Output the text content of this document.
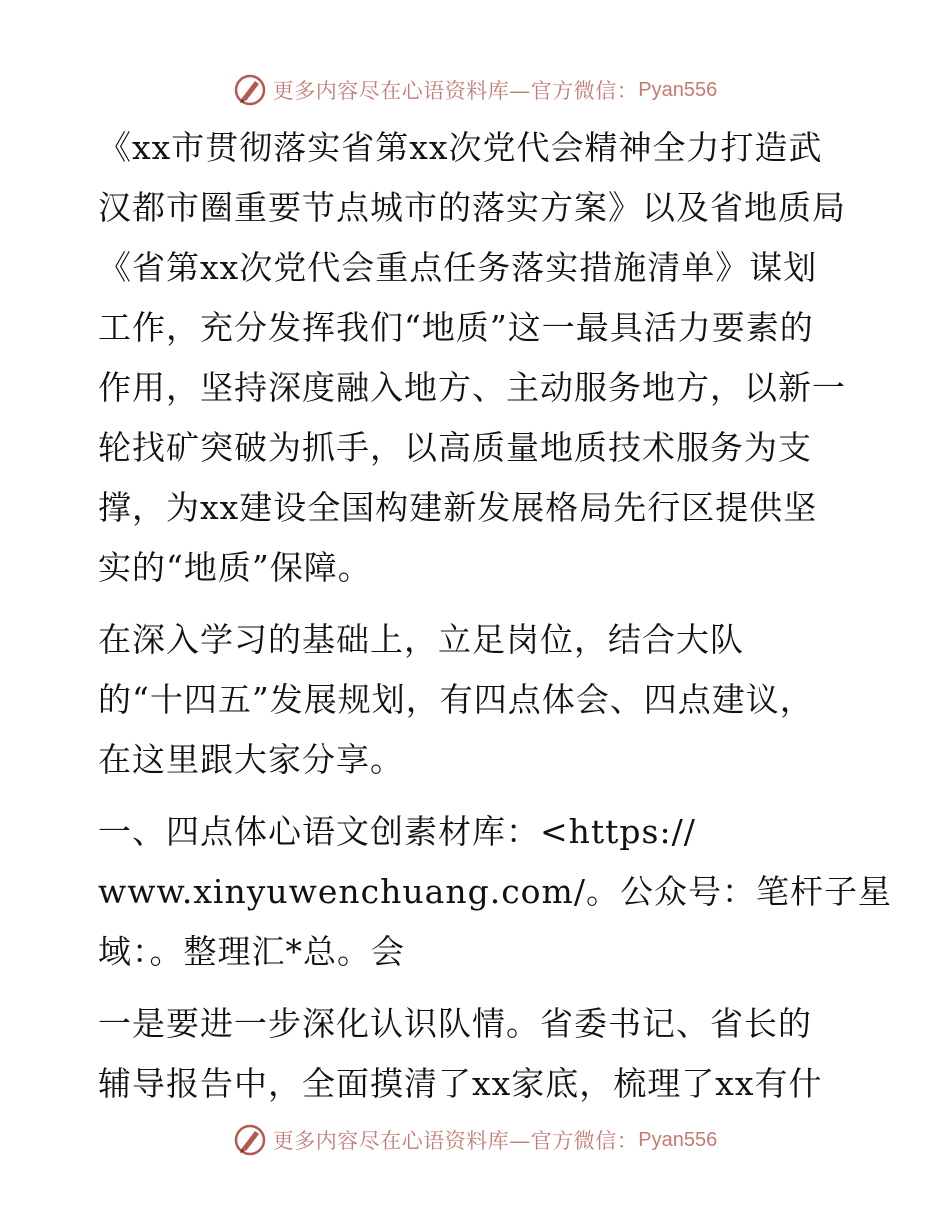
更多内容尽在心语资料库—官方微信： Pyan556
《xx市贯彻落实省第xx次党代会精神全力打造武
汉都市圈重要节点城市的落实方案》以及省地质局
《省第xx次党代会重点任务落实措施清单》谋划
工作，充分发挥我们“地质”这一最具活力要素的
作用，坚持深度融入地方、主动服务地方，以新一
轮找矿突破为抓手，以高质量地质技术服务为支
撑，为xx建设全国构建新发展格局先行区提供坚
实的“地质”保障。
在深入学习的基础上，立足岗位，结合大队
的“十四五”发展规划，有四点体会、四点建议，
在这里跟大家分享。
一、四点体心语文创素材库：<https://
www.xinyuwenchuang.com/。公众号：笔杆子星
域：。整理汇*总。会
一是要进一步深化认识队情。省委书记、省长的
辅导报告中，全面摸清了xx家底，梳理了xx有什
更多内容尽在心语资料库—官方微信： Pyan556
